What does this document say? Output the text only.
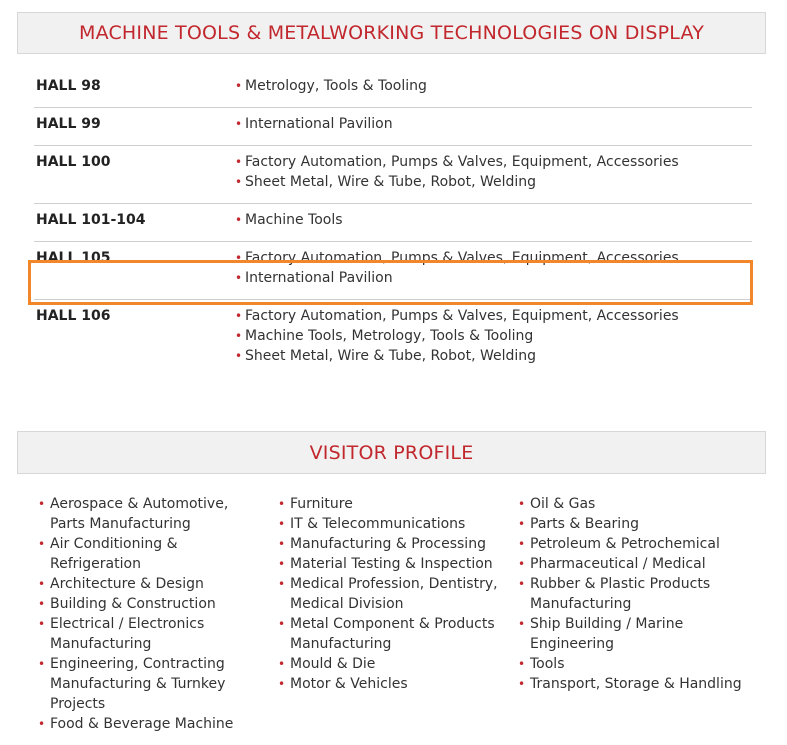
MACHINE TOOLS & METALWORKING TECHNOLOGIES ON DISPLAY
HALL 98	• Metrology, Tools & Tooling
HALL 99	• International Pavilion
HALL 100	• Factory Automation, Pumps & Valves, Equipment, Accessories
• Sheet Metal, Wire & Tube, Robot, Welding
HALL 101-104	• Machine Tools
HALL 105	• Factory Automation, Pumps & Valves, Equipment, Accessories
• International Pavilion
HALL 106	• Factory Automation, Pumps & Valves, Equipment, Accessories
• Machine Tools, Metrology, Tools & Tooling
• Sheet Metal, Wire & Tube, Robot, Welding
VISITOR PROFILE
• Aerospace & Automotive,
Parts Manufacturing
• Air Conditioning &
Refrigeration
• Architecture & Design
• Building & Construction
• Electrical / Electronics
Manufacturing
• Engineering, Contracting
Manufacturing & Turnkey
Projects
• Food & Beverage Machine
• Furniture
• IT & Telecommunications
• Manufacturing & Processing
• Material Testing & Inspection
• Medical Profession, Dentistry,
Medical Division
• Metal Component & Products
Manufacturing
• Mould & Die
• Motor & Vehicles
• Oil & Gas
• Parts & Bearing
• Petroleum & Petrochemical
• Pharmaceutical / Medical
• Rubber & Plastic Products
Manufacturing
• Ship Building / Marine
Engineering
• Tools
• Transport, Storage & Handling
